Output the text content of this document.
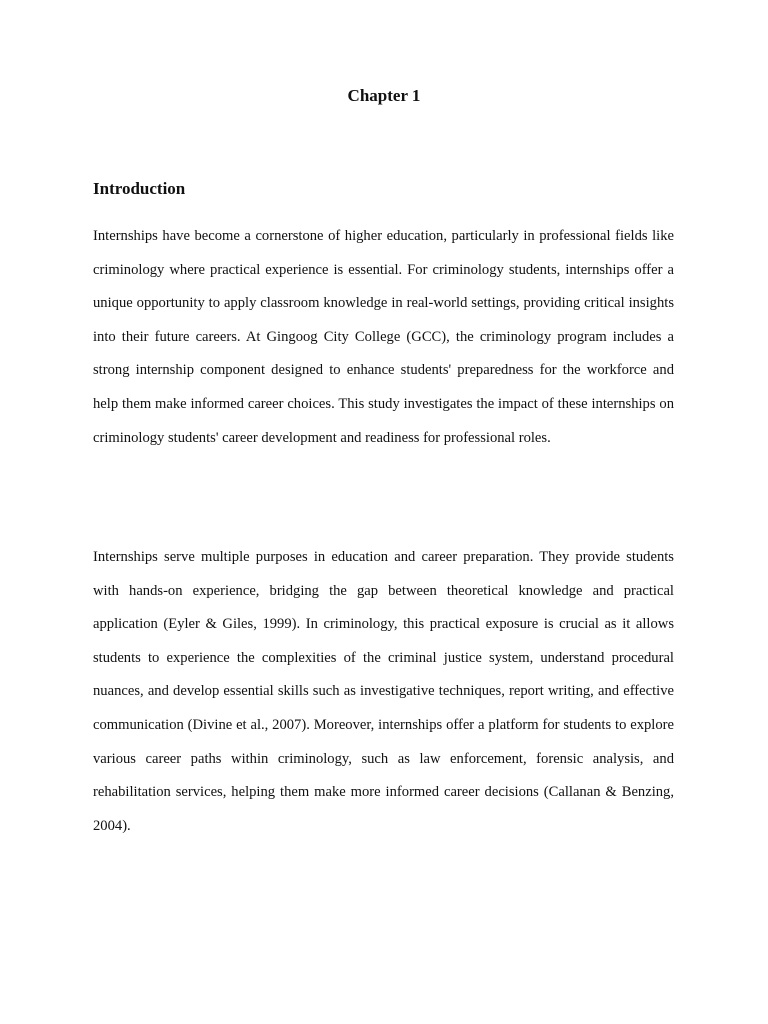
Chapter 1
Introduction

Internships have become a cornerstone of higher education, particularly in professional fields like criminology where practical experience is essential. For criminology students, internships offer a unique opportunity to apply classroom knowledge in real-world settings, providing critical insights into their future careers. At Gingoog City College (GCC), the criminology program includes a strong internship component designed to enhance students' preparedness for the workforce and help them make informed career choices. This study investigates the impact of these internships on criminology students' career development and readiness for professional roles.

Internships serve multiple purposes in education and career preparation. They provide students with hands-on experience, bridging the gap between theoretical knowledge and practical application (Eyler & Giles, 1999). In criminology, this practical exposure is crucial as it allows students to experience the complexities of the criminal justice system, understand procedural nuances, and develop essential skills such as investigative techniques, report writing, and effective communication (Divine et al., 2007). Moreover, internships offer a platform for students to explore various career paths within criminology, such as law enforcement, forensic analysis, and rehabilitation services, helping them make more informed career decisions (Callanan & Benzing, 2004).
